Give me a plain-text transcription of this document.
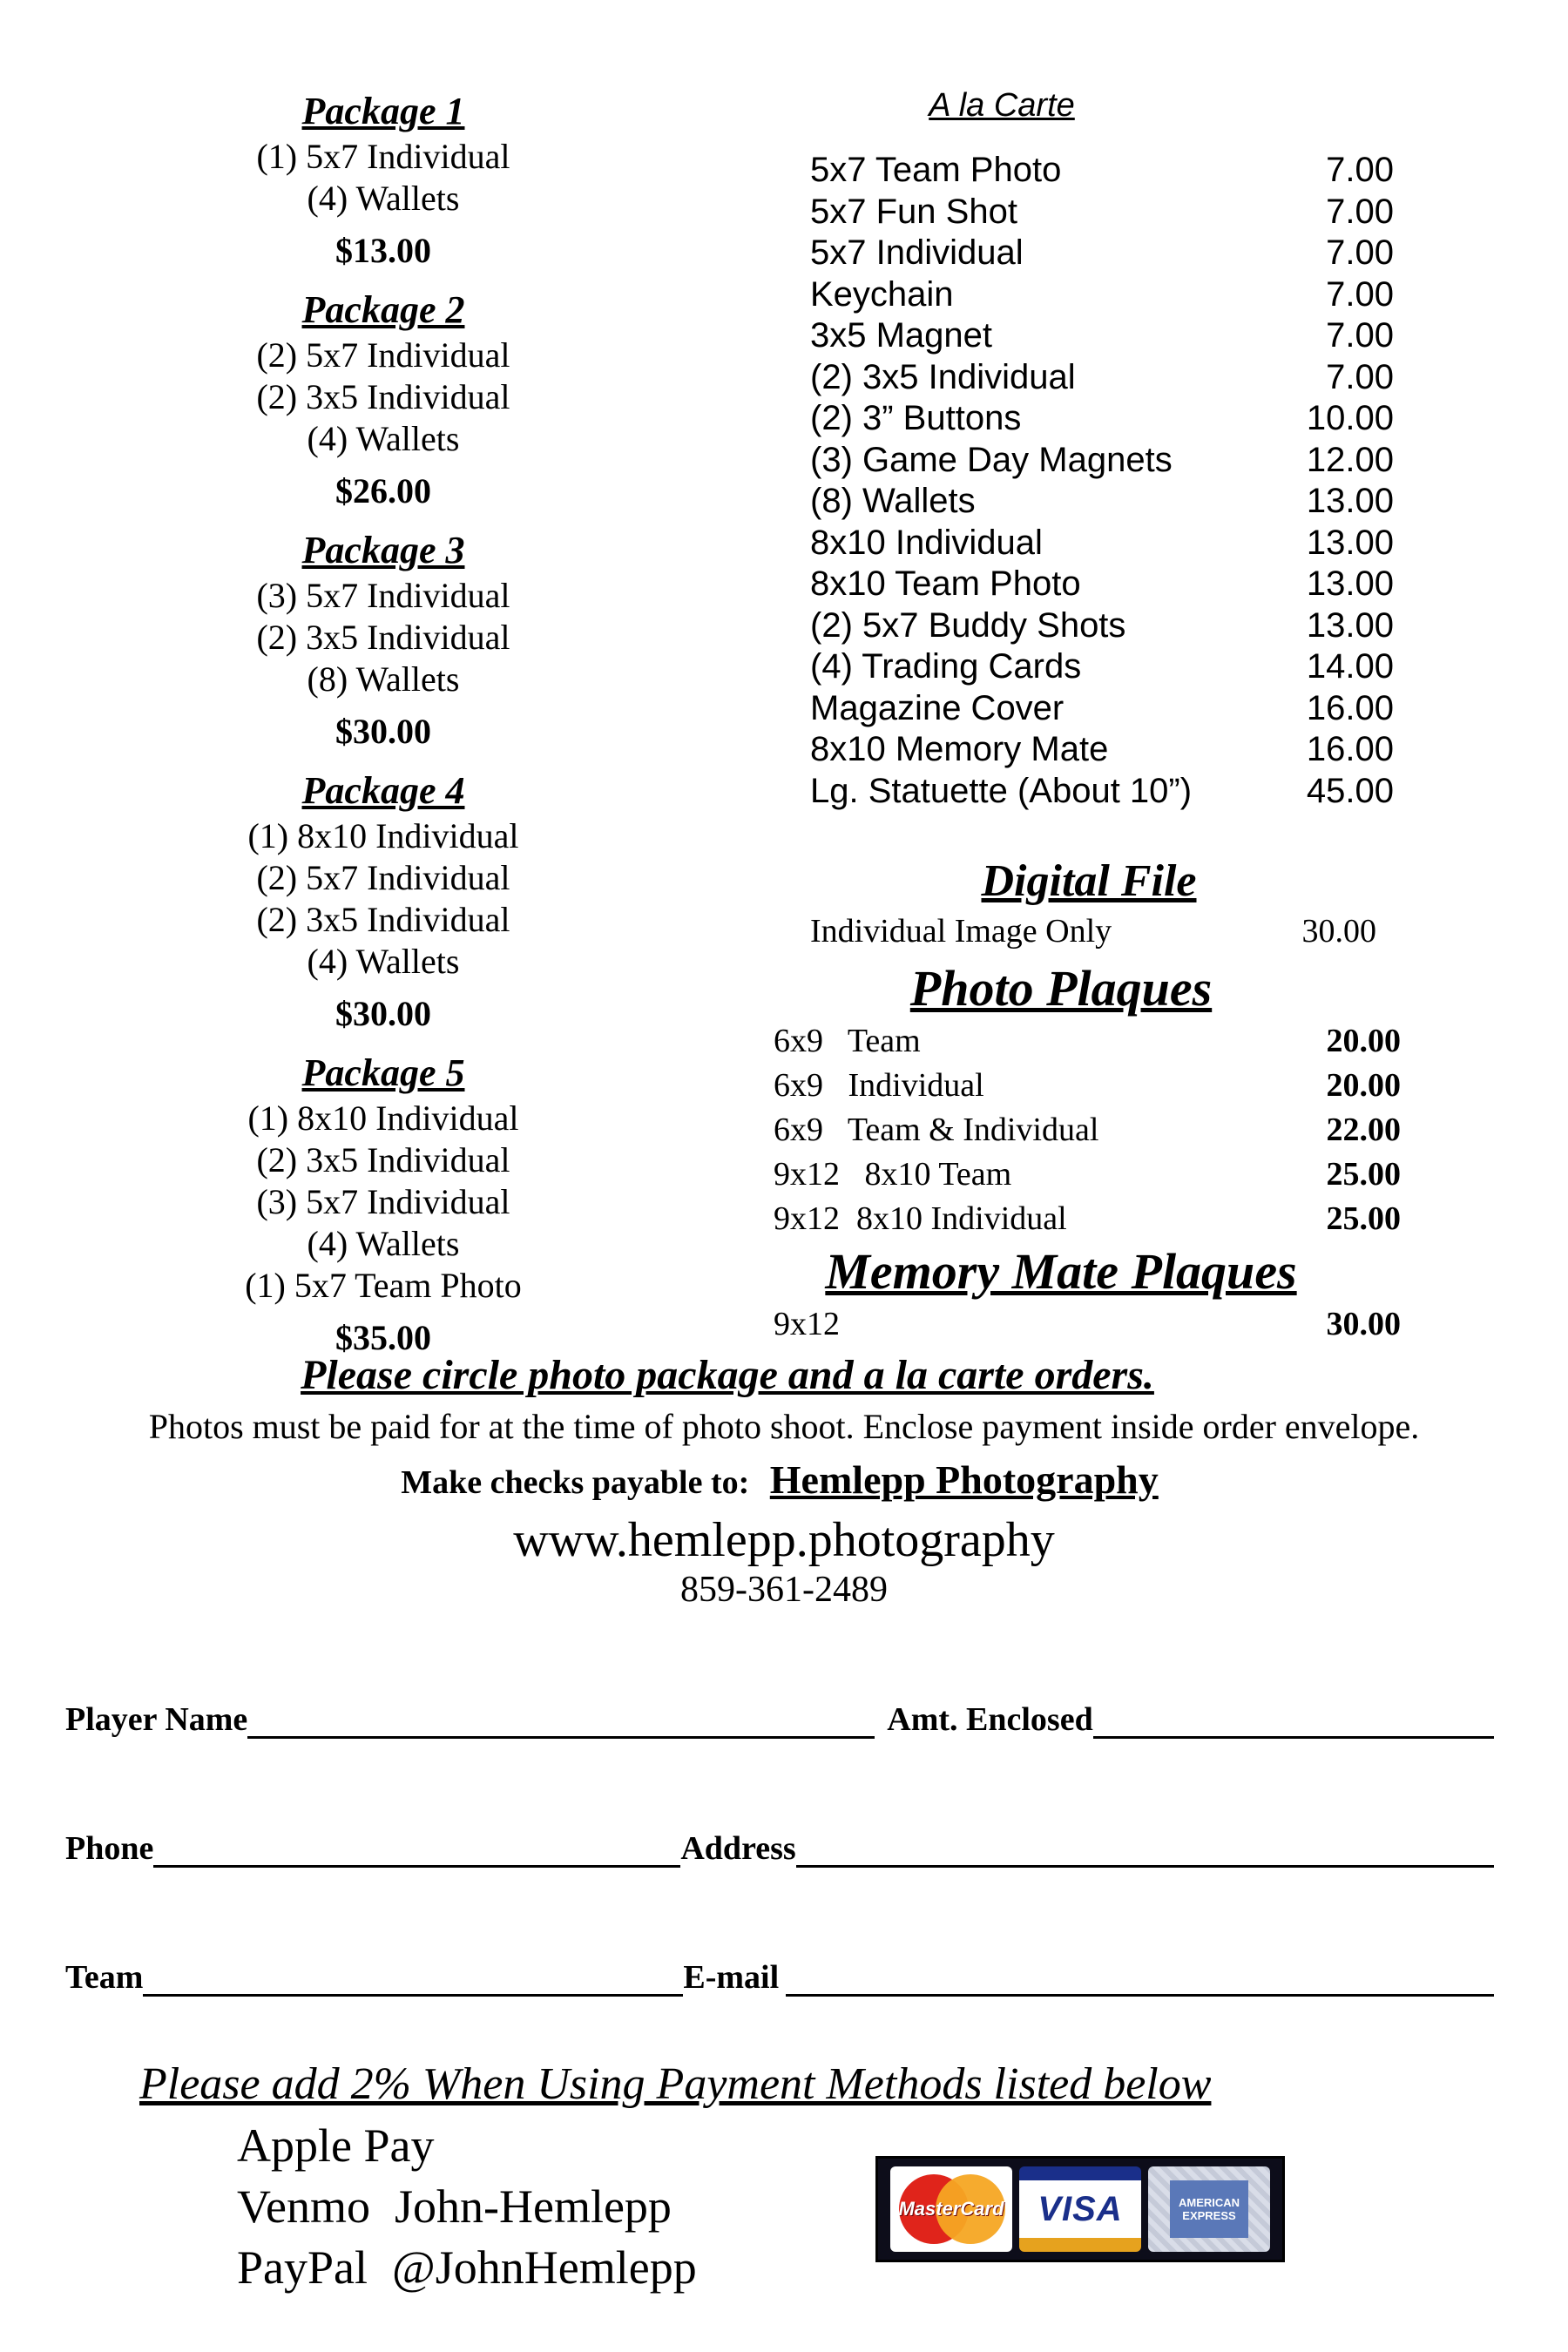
Package 1
(1) 5x7 Individual
(4) Wallets
$13.00
Package 2
(2) 5x7 Individual
(2) 3x5 Individual
(4) Wallets
$26.00
Package 3
(3) 5x7 Individual
(2) 3x5 Individual
(8) Wallets
$30.00
Package 4
(1) 8x10 Individual
(2) 5x7 Individual
(2) 3x5 Individual
(4) Wallets
$30.00
Package 5
(1) 8x10 Individual
(2) 3x5 Individual
(3) 5x7 Individual
(4) Wallets
(1) 5x7 Team Photo
$35.00
A la Carte
5x7 Team Photo	7.00
5x7 Fun Shot	7.00
5x7 Individual	7.00
Keychain	7.00
3x5 Magnet	7.00
(2) 3x5 Individual	7.00
(2) 3” Buttons	10.00
(3) Game Day Magnets	12.00
(8) Wallets	13.00
8x10 Individual	13.00
8x10 Team Photo	13.00
(2) 5x7 Buddy Shots	13.00
(4) Trading Cards	14.00
Magazine Cover	16.00
8x10 Memory Mate	16.00
Lg. Statuette (About 10”)	45.00
Digital File
Individual Image Only	30.00
Photo Plaques
6x9   Team	20.00
6x9   Individual	20.00
6x9   Team & Individual	22.00
9x12   8x10 Team	25.00
9x12  8x10 Individual	25.00
Memory Mate Plaques
9x12	30.00
Please circle photo package and a la carte orders.
Photos must be paid for at the time of photo shoot. Enclose payment inside order envelope.
Make checks payable to: Hemlepp Photography
www.hemlepp.photography
859-361-2489
Player Name	Amt. Enclosed
Phone	Address
Team	E-mail
Please add 2% When Using Payment Methods listed below
Apple Pay
Venmo John-Hemlepp
PayPal @JohnHemlepp
MasterCard VISA	AMERICAN EXPRESS
